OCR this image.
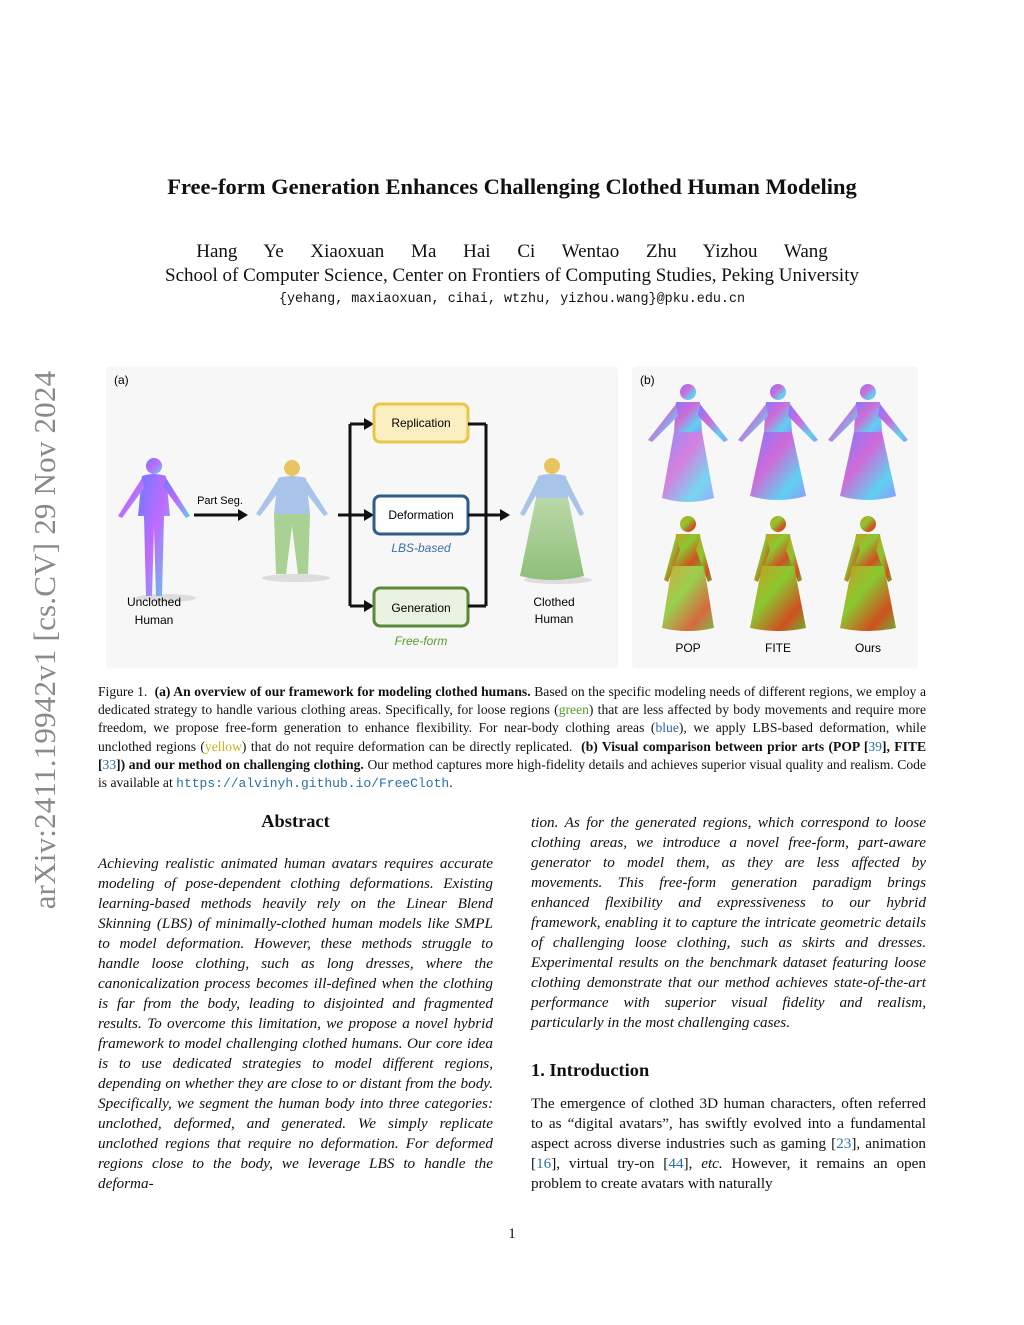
arXiv:2411.19942v1 [cs.CV] 29 Nov 2024
Free-form Generation Enhances Challenging Clothed Human Modeling
Hang Ye Xiaoxuan Ma Hai Ci Wentao Zhu Yizhou Wang
School of Computer Science, Center on Frontiers of Computing Studies, Peking University
{yehang, maxiaoxuan, cihai, wtzhu, yizhou.wang}@pku.edu.cn
Unclothed
Human
Part Seg.
Replication
Deformation
LBS-based
Generation
Free-form
Clothed
Human
(a)	(b)
POP	FITE	Ours
Figure 1. (a) An overview of our framework for modeling clothed humans. Based on the specific modeling needs of different regions, we employ a dedicated strategy to handle various clothing areas. Specifically, for loose regions (green) that are less affected by body movements and require more freedom, we propose free-form generation to enhance flexibility. For near-body clothing areas (blue), we apply LBS-based deformation, while unclothed regions (yellow) that do not require deformation can be directly replicated. (b) Visual comparison between prior arts (POP [39], FITE [33]) and our method on challenging clothing. Our method captures more high-fidelity details and achieves superior visual quality and realism. Code is available at https://alvinyh.github.io/FreeCloth.
Abstract

Achieving realistic animated human avatars requires accurate modeling of pose-dependent clothing deformations. Existing learning-based methods heavily rely on the Linear Blend Skinning (LBS) of minimally-clothed human models like SMPL to model deformation. However, these methods struggle to handle loose clothing, such as long dresses, where the canonicalization process becomes ill-defined when the clothing is far from the body, leading to disjointed and fragmented results. To overcome this limitation, we propose a novel hybrid framework to model challenging clothed humans. Our core idea is to use dedicated strategies to model different regions, depending on whether they are close to or distant from the body. Specifically, we segment the human body into three categories: unclothed, deformed, and generated. We simply replicate unclothed regions that require no deformation. For deformed regions close to the body, we leverage LBS to handle the deforma-

tion. As for the generated regions, which correspond to loose clothing areas, we introduce a novel free-form, part-aware generator to model them, as they are less affected by movements. This free-form generation paradigm brings enhanced flexibility and expressiveness to our hybrid framework, enabling it to capture the intricate geometric details of challenging loose clothing, such as skirts and dresses. Experimental results on the benchmark dataset featuring loose clothing demonstrate that our method achieves state-of-the-art performance with superior visual fidelity and realism, particularly in the most challenging cases.

1. Introduction

The emergence of clothed 3D human characters, often referred to as “digital avatars”, has swiftly evolved into a fundamental aspect across diverse industries such as gaming [23], animation [16], virtual try-on [44], etc. However, it remains an open problem to create avatars with naturally

1
